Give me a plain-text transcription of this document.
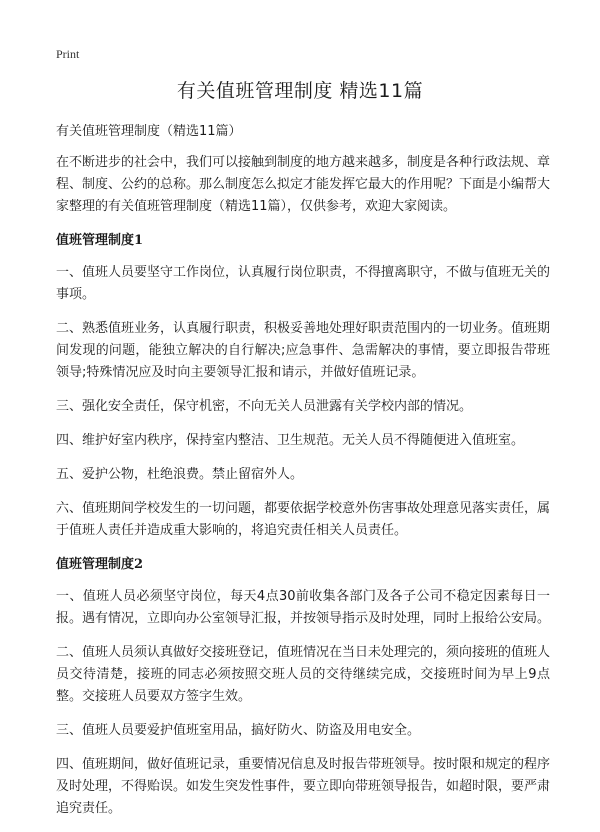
Print
有关值班管理制度 精选11篇

有关值班管理制度（精选11篇）

在不断进步的社会中，我们可以接触到制度的地方越来越多，制度是各种行政法规、章程、制度、公约的总称。那么制度怎么拟定才能发挥它最大的作用呢？下面是小编帮大家整理的有关值班管理制度（精选11篇），仅供参考，欢迎大家阅读。

值班管理制度1

一、值班人员要坚守工作岗位，认真履行岗位职责，不得擅离职守，不做与值班无关的事项。

二、熟悉值班业务，认真履行职责，积极妥善地处理好职责范围内的一切业务。值班期间发现的问题，能独立解决的自行解决;应急事件、急需解决的事情，要立即报告带班领导;特殊情况应及时向主要领导汇报和请示，并做好值班记录。

三、强化安全责任，保守机密，不向无关人员泄露有关学校内部的情况。

四、维护好室内秩序，保持室内整洁、卫生规范。无关人员不得随便进入值班室。

五、爱护公物，杜绝浪费。禁止留宿外人。

六、值班期间学校发生的一切问题，都要依据学校意外伤害事故处理意见落实责任，属于值班人责任并造成重大影响的，将追究责任相关人员责任。

值班管理制度2

一、值班人员必须坚守岗位，每天4点30前收集各部门及各子公司不稳定因素每日一报。遇有情况，立即向办公室领导汇报，并按领导指示及时处理，同时上报给公安局。

二、值班人员须认真做好交接班登记，值班情况在当日未处理完的，须向接班的值班人员交待清楚，接班的同志必须按照交班人员的交待继续完成，交接班时间为早上9点整。交接班人员要双方签字生效。

三、值班人员要爱护值班室用品，搞好防火、防盗及用电安全。

四、值班期间，做好值班记录，重要情况信息及时报告带班领导。按时限和规定的程序及时处理，不得贻误。如发生突发性事件，要立即向带班领导报告，如超时限，要严肃追究责任。
